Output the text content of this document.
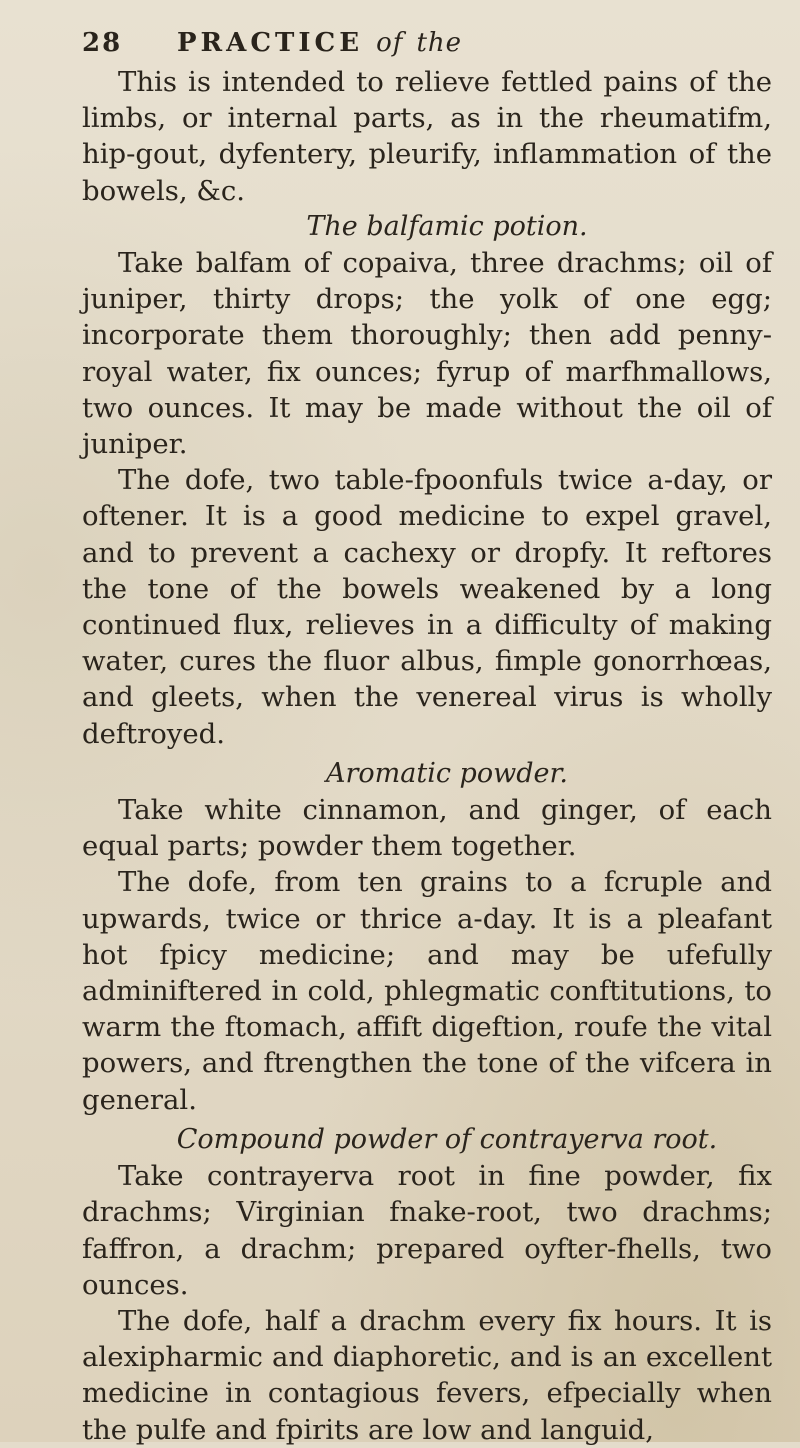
28	PRACTICE of the

This is intended to relieve fettled pains of the limbs, or internal parts, as in the rheumatifm, hip-gout, dyfentery, pleurify, inflammation of the bowels, &c.

The balfamic potion.

Take balfam of copaiva, three drachms; oil of juniper, thirty drops; the yolk of one egg; incorporate them thoroughly; then add penny-royal water, fix ounces; fyrup of marfhmallows, two ounces. It may be made without the oil of juniper.

The dofe, two table-fpoonfuls twice a-day, or oftener. It is a good medicine to expel gravel, and to prevent a cachexy or dropfy. It reftores the tone of the bowels weakened by a long continued flux, relieves in a difficulty of making water, cures the fluor albus, fimple gonorrhœas, and gleets, when the venereal virus is wholly deftroyed.

Aromatic powder.

Take white cinnamon, and ginger, of each equal parts; powder them together.

The dofe, from ten grains to a fcruple and upwards, twice or thrice a-day. It is a pleafant hot fpicy medicine; and may be ufefully adminiftered in cold, phlegmatic conftitutions, to warm the ftomach, affift digeftion, roufe the vital powers, and ftrengthen the tone of the vifcera in general.

Compound powder of contrayerva root.

Take contrayerva root in fine powder, fix drachms; Virginian fnake-root, two drachms; faffron, a drachm; prepared oyfter-fhells, two ounces.

The dofe, half a drachm every fix hours. It is alexipharmic and diaphoretic, and is an excellent medicine in contagious fevers, efpecially when the pulfe and fpirits are low and languid,
